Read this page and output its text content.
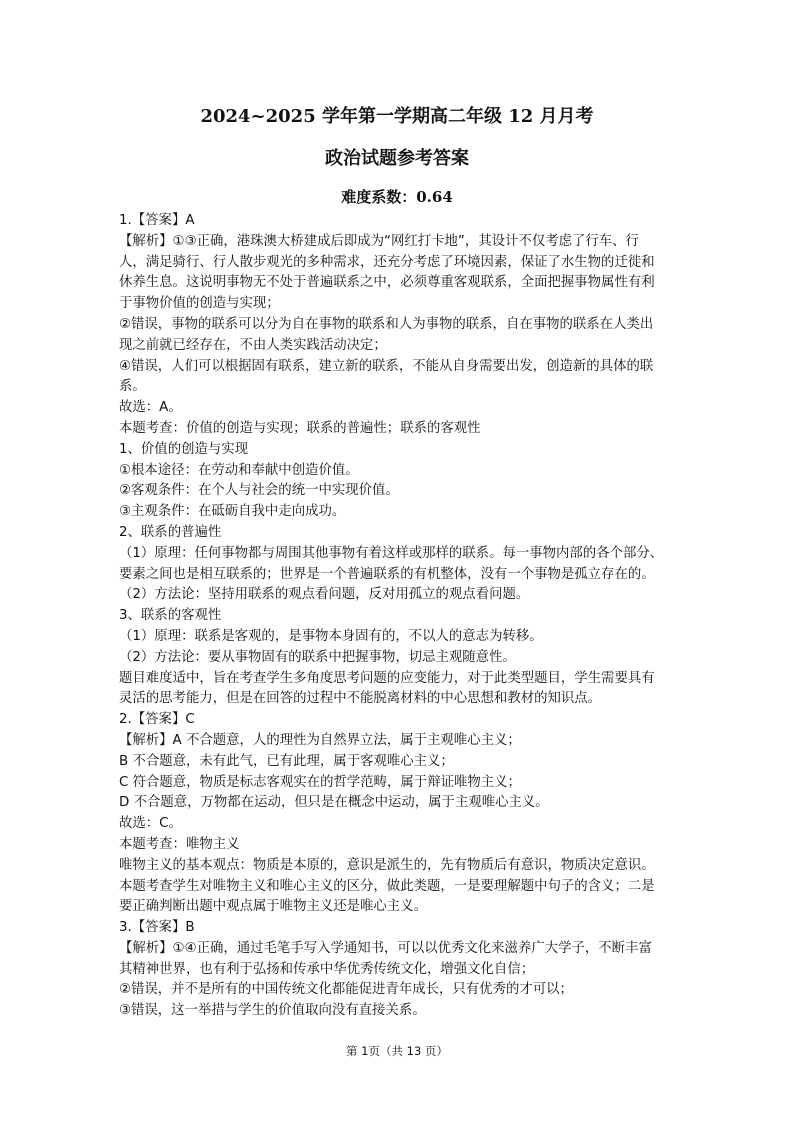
2024~2025 学年第一学期高二年级 12 月月考
政治试题参考答案
难度系数：0.64
1.【答案】A
【解析】①③正确，港珠澳大桥建成后即成为“网红打卡地”，其设计不仅考虑了行车、行
人，满足骑行、行人散步观光的多种需求，还充分考虑了环境因素，保证了水生物的迁徙和
休养生息。这说明事物无不处于普遍联系之中，必须尊重客观联系，全面把握事物属性有利
于事物价值的创造与实现；
②错误，事物的联系可以分为自在事物的联系和人为事物的联系，自在事物的联系在人类出
现之前就已经存在，不由人类实践活动决定；
④错误，人们可以根据固有联系，建立新的联系，不能从自身需要出发，创造新的具体的联
系。
故选：A。
本题考查：价值的创造与实现；联系的普遍性；联系的客观性
1、价值的创造与实现
①根本途径：在劳动和奉献中创造价值。
②客观条件：在个人与社会的统一中实现价值。
③主观条件：在砥砺自我中走向成功。
2、联系的普遍性
（1）原理：任何事物都与周围其他事物有着这样或那样的联系。每一事物内部的各个部分、
要素之间也是相互联系的；世界是一个普遍联系的有机整体，没有一个事物是孤立存在的。
（2）方法论：坚持用联系的观点看问题，反对用孤立的观点看问题。
3、联系的客观性
（1）原理：联系是客观的，是事物本身固有的，不以人的意志为转移。
（2）方法论：要从事物固有的联系中把握事物，切忌主观随意性。
题目难度适中，旨在考查学生多角度思考问题的应变能力，对于此类型题目，学生需要具有
灵活的思考能力，但是在回答的过程中不能脱离材料的中心思想和教材的知识点。
2.【答案】C
【解析】A 不合题意，人的理性为自然界立法，属于主观唯心主义；
B 不合题意，未有此气，已有此理，属于客观唯心主义；
C 符合题意，物质是标志客观实在的哲学范畴，属于辩证唯物主义；
D 不合题意，万物都在运动，但只是在概念中运动，属于主观唯心主义。
故选：C。
本题考查：唯物主义
唯物主义的基本观点：物质是本原的，意识是派生的，先有物质后有意识，物质决定意识。
本题考查学生对唯物主义和唯心主义的区分，做此类题，一是要理解题中句子的含义；二是
要正确判断出题中观点属于唯物主义还是唯心主义。
3.【答案】B
【解析】①④正确，通过毛笔手写入学通知书，可以以优秀文化来滋养广大学子，不断丰富
其精神世界，也有利于弘扬和传承中华优秀传统文化，增强文化自信；
②错误，并不是所有的中国传统文化都能促进青年成长，只有优秀的才可以；
③错误，这一举措与学生的价值取向没有直接关系。
第 1页（共 13 页）
